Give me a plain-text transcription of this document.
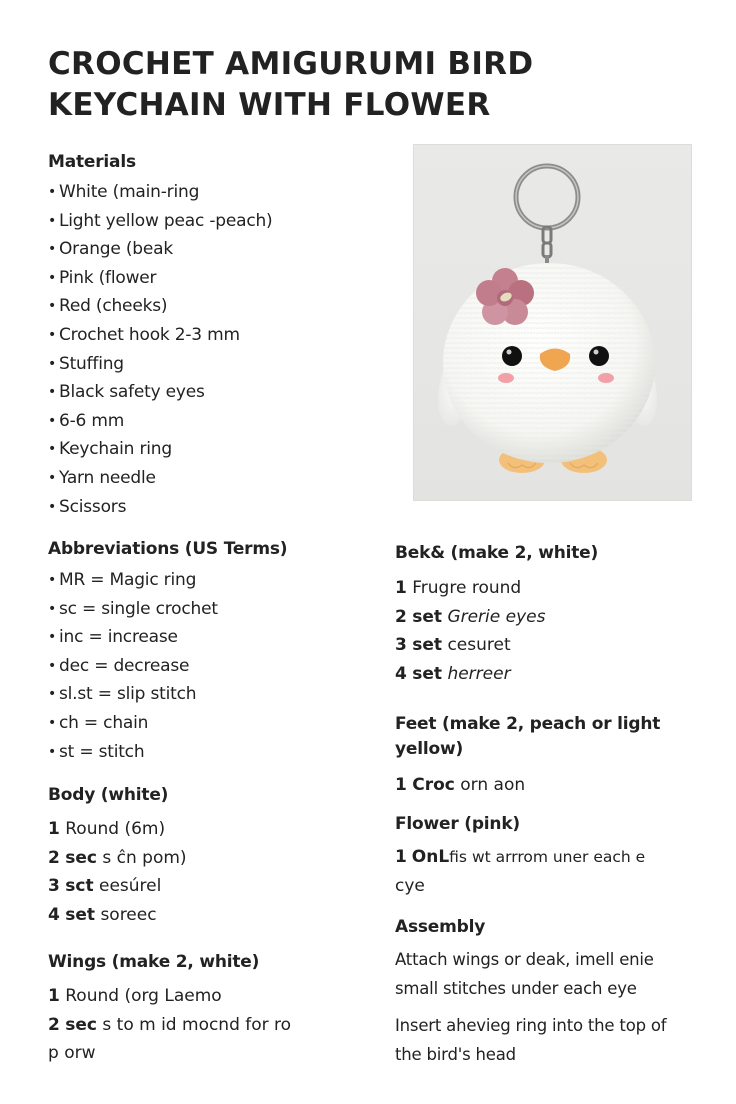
CROCHET AMIGURUMI BIRD
KEYCHAIN WITH FLOWER
Materials
• White (main-ring
• Light yellow peac -peach)
• Orange (beak
• Pink (flower
• Red (cheeks)
• Crochet hook 2-3 mm
• Stuffing
• Black safety eyes
• 6-6 mm
• Keychain ring
• Yarn needle
• Scissors
Abbreviations (US Terms)
• MR = Magic ring
• sc = single crochet
• inc = increase
• dec = decrease
• sl.st = slip stitch
• ch = chain
• st = stitch
Body (white)
1 Round (6m)
2 sec s ĉn pom)
3 sct eesúrel
4 set soreec
Wings (make 2, white)
1 Round (org Laemo
2 sec s to m id mocnd for ro
p orw
Bek& (make 2, white)
1 Frugre round
2 set Grerie eyes
3 set cesuret
4 set herreer
Feet (make 2, peach or light yellow)
1 Croc orn aon
Flower (pink)
1 OnLfis wt arrrom uner each e
cye
Assembly

Attach wings or deak, imell enie small stitches under each eye

Insert ahevieg ring into the top of the bird's head
